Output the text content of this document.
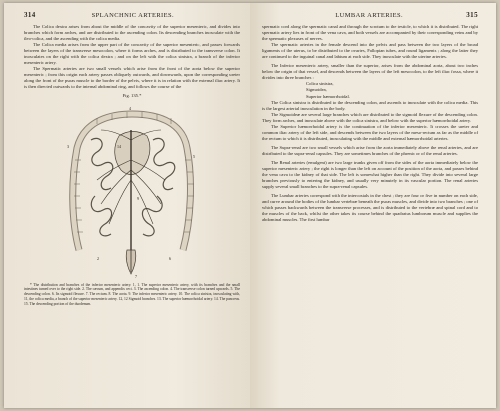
314	SPLANCHNIC ARTERIES.

The Colica dextra arises from about the middle of the concavity of the superior mesenteric, and divides into branches which form arches, and are distributed to the ascending colon. Its descending branches inosculate with the ileo-colica, and the ascending with the colica media.

The Colica media arises from the upper part of the concavity of the superior mesenteric, and passes forwards between the layers of the transverse mesocolon, where it forms arches, and is distributed to the transverse colon. It inosculates on the right with the colica dextra ; and on the left with the colica sinistra, a branch of the inferior mesenteric artery.

The Spermatic arteries are two small vessels which arise from the front of the aorta below the superior mesenteric ; from this origin each artery passes obliquely outwards, and downwards, upon the corresponding ureter along the front of the psoas muscle to the border of the pelvis, where it is in relation with the external iliac artery. It is then directed outwards to the internal abdominal ring, and follows the course of the

Fig. 135.*
3
5
4
14
2	6
7
9
* The distribution and branches of the inferior mesenteric artery. 1, 1. The superior mesenteric artery, with its branches and the small intestines turned over to the right side. 2. The cæcum, and appendix ceci. 3. The ascending colon. 4. The transverse colon turned upwards. 5. The descending colon. 6. Its sigmoid flexure. 7. The rectum. 8. The aorta. 9. The inferior mesenteric artery. 10. The colica sinistra, inosculating with, 11, the colica media, a branch of the superior mesenteric artery. 12, 12 Sigmoid branches. 13. The superior hæmorrhoidal artery. 14. The pancreas. 15. The descending portion of the duodenum.
LUMBAR ARTERIES.	315

spermatic cord along the spermatic canal and through the scrotum to the testicle, to which it is distributed. The right spermatic artery lies in front of the vena cava, and both vessels are accompanied by their corresponding veins and by the spermatic plexuses of nerves.

The spermatic arteries in the female descend into the pelvis and pass between the two layers of the broad ligaments of the uterus, to be distributed to the ovaries, Fallopian tubes, and round ligaments ; along the latter they are continued to the inguinal canal and labium at each side. They inosculate with the uterine arteries.

The Inferior mesenteric artery, smaller than the superior, arises from the abdominal aorta, about two inches below the origin of that vessel, and descends between the layers of the left mesocolon, to the left iliac fossa, where it divides into three branches :

Colica sinistra,
Sigmoidea,
Superior hæmorrhoidal.

The Colica sinistra is distributed to the descending colon, and ascends to inosculate with the colica media. This is the largest arterial inosculation in the body.

The Sigmoideæ are several large branches which are distributed to the sigmoid flexure of the descending colon. They form arches, and inosculate above with the colica sinistra, and below with the superior hæmorrhoidal artery.

The Superior hæmorrhoidal artery is the continuation of the inferior mesenteric. It crosses the ureter and common iliac artery of the left side, and descends between the two layers of the meso-rectum as far as the middle of the rectum to which it is distributed, inosculating with the middle and external hæmorrhoidal arteries.

The Supra-renal are two small vessels which arise from the aorta immediately above the renal arteries, and are distributed to the supra-renal capsules. They are sometimes branches of the phrenic or of the renal arteries.

The Renal arteries (emulgent) are two large trunks given off from the sides of the aorta immediately below the superior mesenteric artery ; the right is longer than the left on account of the position of the aorta, and passes behind the vena cava to the kidney of that side. The left is somewhat higher than the right. They divide into several large branches previously to entering the kidney, and usually very minutely in its vascular portion. The renal arteries supply several small branches to the supra-renal capsules.

The Lumbar arteries correspond with the intercostals in the chest ; they are four or five in number on each side, and curve around the bodies of the lumbar vertebræ beneath the psoas muscles, and divide into two branches ; one of which passes backwards between the transverse processes, and is distributed to the vertebræ and spinal cord and to the muscles of the back, whilst the other takes its course behind the quadratus lumborum muscle and supplies the abdominal muscles. The first lumbar
